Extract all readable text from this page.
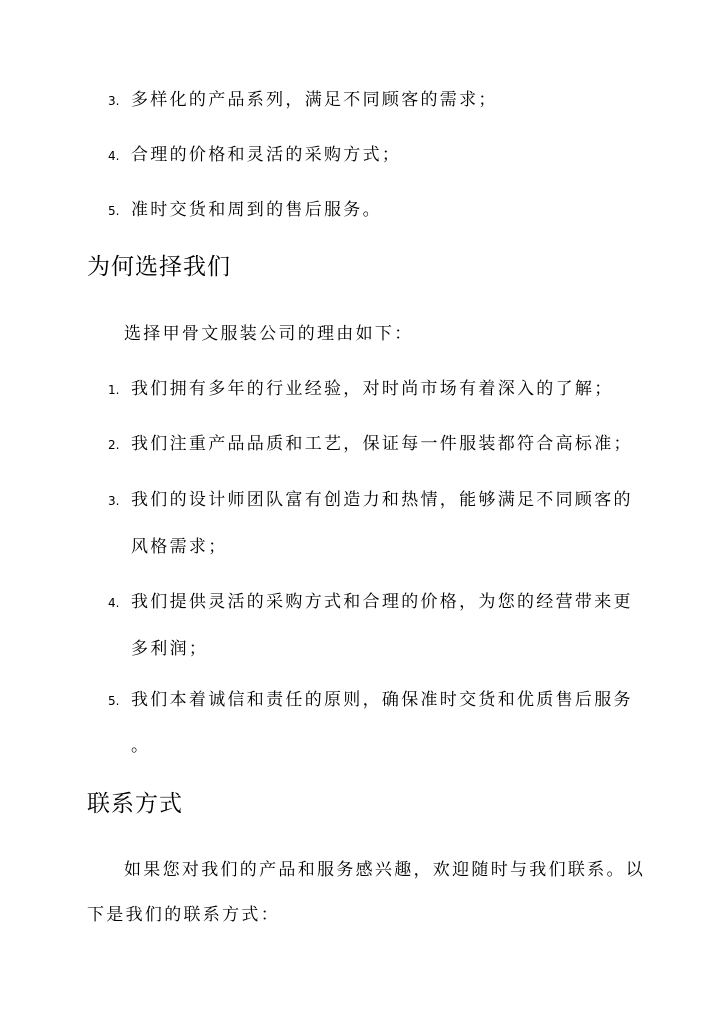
3. 多样化的产品系列，满足不同顾客的需求；
4. 合理的价格和灵活的采购方式；
5. 准时交货和周到的售后服务。
为何选择我们
选择甲骨文服装公司的理由如下：
1. 我们拥有多年的行业经验，对时尚市场有着深入的了解；
2. 我们注重产品品质和工艺，保证每一件服装都符合高标准；
3. 我们的设计师团队富有创造力和热情，能够满足不同顾客的
风格需求；
4. 我们提供灵活的采购方式和合理的价格，为您的经营带来更
多利润；
5. 我们本着诚信和责任的原则，确保准时交货和优质售后服务
。
联系方式
如果您对我们的产品和服务感兴趣，欢迎随时与我们联系。以
下是我们的联系方式：
